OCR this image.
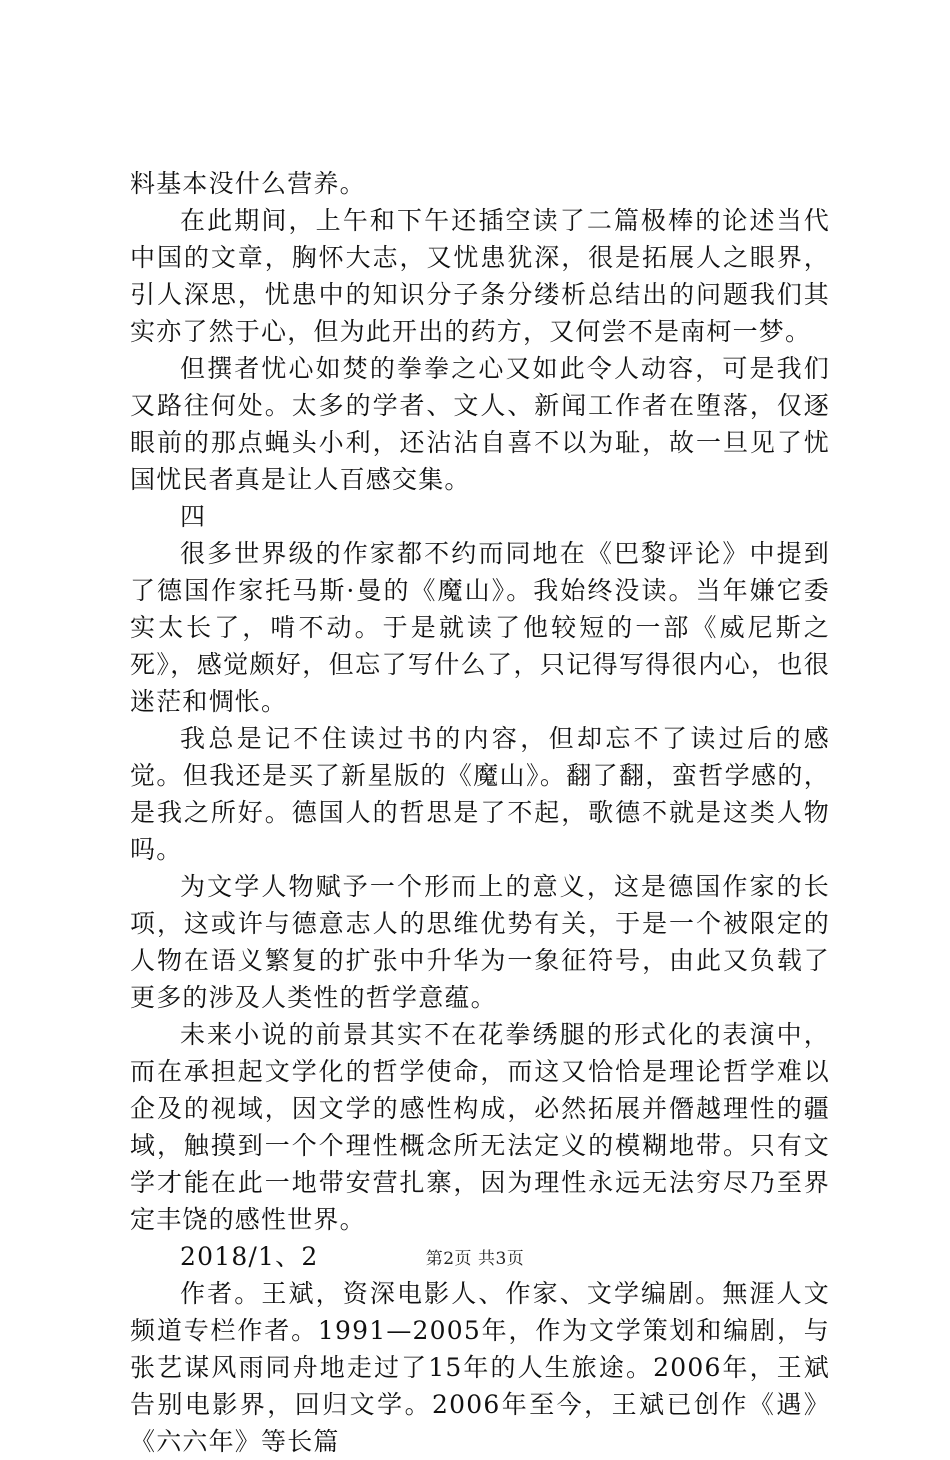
料基本没什么营养。

在此期间，上午和下午还插空读了二篇极棒的论述当代中国的文章，胸怀大志，又忧患犹深，很是拓展人之眼界，引人深思，忧患中的知识分子条分缕析总结出的问题我们其实亦了然于心，但为此开出的药方，又何尝不是南柯一梦。

但撰者忧心如焚的拳拳之心又如此令人动容，可是我们又路往何处。太多的学者、文人、新闻工作者在堕落，仅逐眼前的那点蝇头小利，还沾沾自喜不以为耻，故一旦见了忧国忧民者真是让人百感交集。

四

很多世界级的作家都不约而同地在《巴黎评论》中提到了德国作家托马斯·曼的《魔山》。我始终没读。当年嫌它委实太长了，啃不动。于是就读了他较短的一部《威尼斯之死》，感觉颇好，但忘了写什么了，只记得写得很内心，也很迷茫和惆怅。

我总是记不住读过书的内容，但却忘不了读过后的感觉。但我还是买了新星版的《魔山》。翻了翻，蛮哲学感的，是我之所好。德国人的哲思是了不起，歌德不就是这类人物吗。

为文学人物赋予一个形而上的意义，这是德国作家的长项，这或许与德意志人的思维优势有关，于是一个被限定的人物在语义繁复的扩张中升华为一象征符号，由此又负载了更多的涉及人类性的哲学意蕴。

未来小说的前景其实不在花拳绣腿的形式化的表演中，而在承担起文学化的哲学使命，而这又恰恰是理论哲学难以企及的视域，因文学的感性构成，必然拓展并僭越理性的疆域，触摸到一个个理性概念所无法定义的模糊地带。只有文学才能在此一地带安营扎寨，因为理性永远无法穷尽乃至界定丰饶的感性世界。

2018/1、2

作者。王斌，资深电影人、作家、文学编剧。無涯人文频道专栏作者。1991—2005年，作为文学策划和编剧，与张艺谋风雨同舟地走过了15年的人生旅途。2006年，王斌告别电影界，回归文学。2006年至今，王斌已创作《遇》《六六年》等长篇

第2页 共3页
